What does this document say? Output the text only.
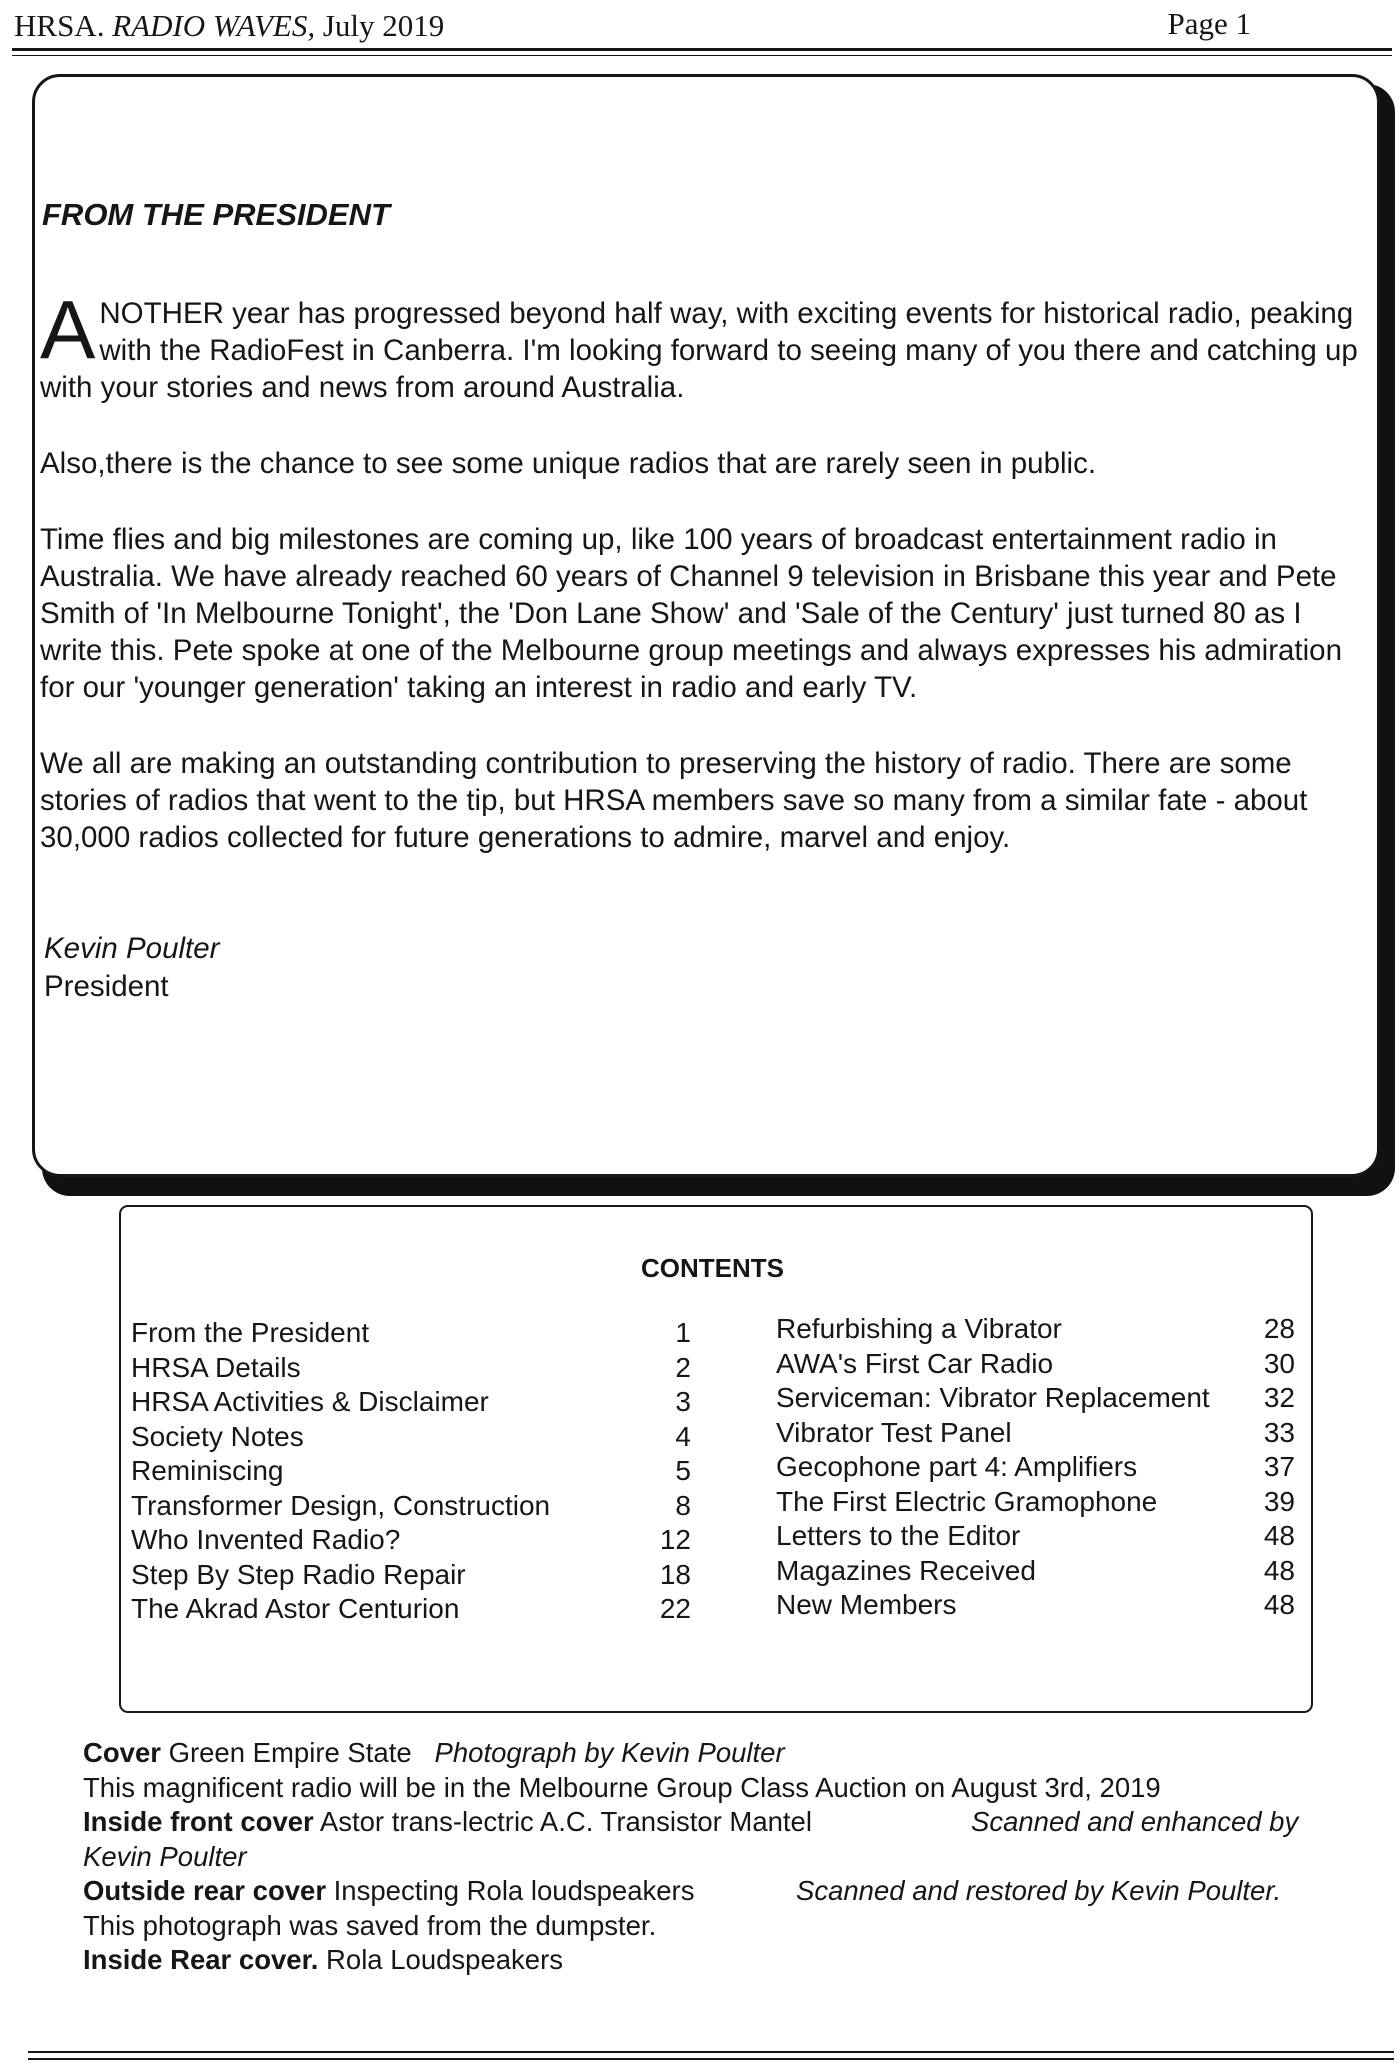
HRSA. RADIO WAVES, July 2019	Page 1
FROM THE PRESIDENT

ANOTHER year has progressed beyond half way, with exciting events for historical radio, peaking with the RadioFest in Canberra. I'm looking forward to seeing many of you there and catching up with your stories and news from around Australia.

Also,there is the chance to see some unique radios that are rarely seen in public.

Time flies and big milestones are coming up, like 100 years of broadcast entertainment radio in Australia. We have already reached 60 years of Channel 9 television in Brisbane this year and Pete Smith of 'In Melbourne Tonight', the 'Don Lane Show' and 'Sale of the Century' just turned 80 as I write this. Pete spoke at one of the Melbourne group meetings and always expresses his admiration for our 'younger generation' taking an interest in radio and early TV.

We all are making an outstanding contribution to preserving the history of radio. There are some stories of radios that went to the tip, but HRSA members save so many from a similar fate - about 30,000 radios collected for future generations to admire, marvel and enjoy.

Kevin Poulter
President
CONTENTS
From the President	1
HRSA Details	2
HRSA Activities & Disclaimer	3
Society Notes	4
Reminiscing	5
Transformer Design, Construction	8
Who Invented Radio?	12
Step By Step Radio Repair	18
The Akrad Astor Centurion	22
Refurbishing a Vibrator	28
AWA's First Car Radio	30
Serviceman: Vibrator Replacement	32
Vibrator Test Panel	33
Gecophone part 4: Amplifiers	37
The First Electric Gramophone	39
Letters to the Editor	48
Magazines Received	48
New Members	48
Cover Green Empire State Photograph by Kevin Poulter
This magnificent radio will be in the Melbourne Group Class Auction on August 3rd, 2019
Inside front cover Astor trans-lectric A.C. Transistor Mantel	Scanned and enhanced by
Kevin Poulter
Outside rear cover Inspecting Rola loudspeakers	Scanned and restored by Kevin Poulter.
This photograph was saved from the dumpster.
Inside Rear cover. Rola Loudspeakers
